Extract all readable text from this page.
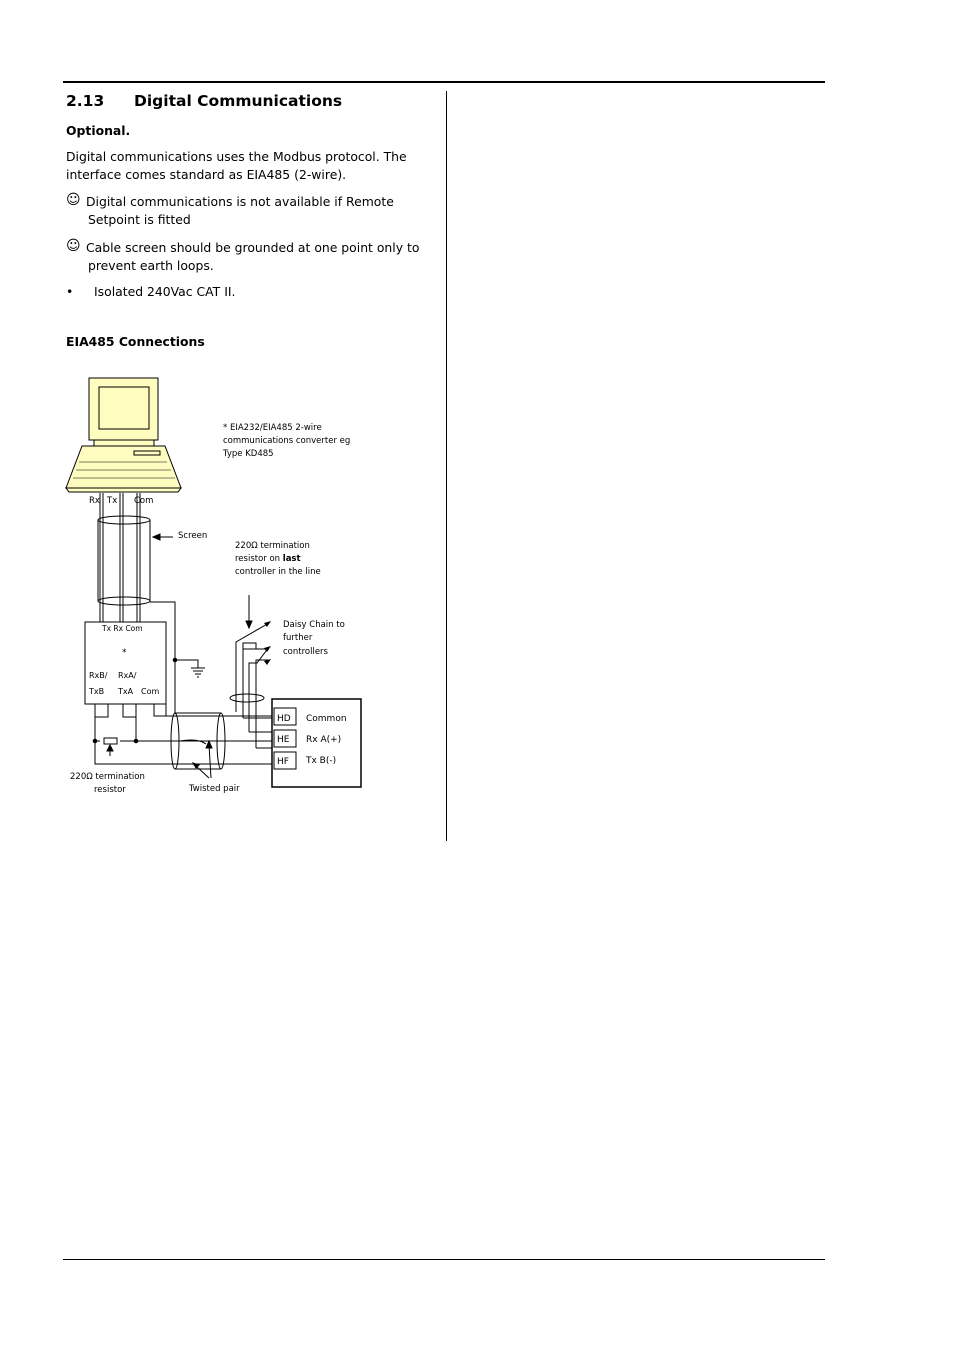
2.13 Digital Communications
Optional.
Digital communications uses the Modbus protocol. The
interface comes standard as EIA485 (2-wire).
☺ Digital communications is not available if Remote
Setpoint is fitted
☺ Cable screen should be grounded at one point only to
prevent earth loops.
• Isolated 240Vac CAT II.
EIA485 Connections
Rx Tx Com
* EIA232/EIA485 2-wire
communications converter eg
Type KD485
Screen
220Ω termination
resistor on last
controller in the line
Tx Rx Com
*
RxB/
TxB
RxA/
TxA Com
HD
HE
HF
Common
Rx A(+)
Tx B(-)
Daisy Chain to
further
controllers
220Ω termination
resistor	Twisted pair
